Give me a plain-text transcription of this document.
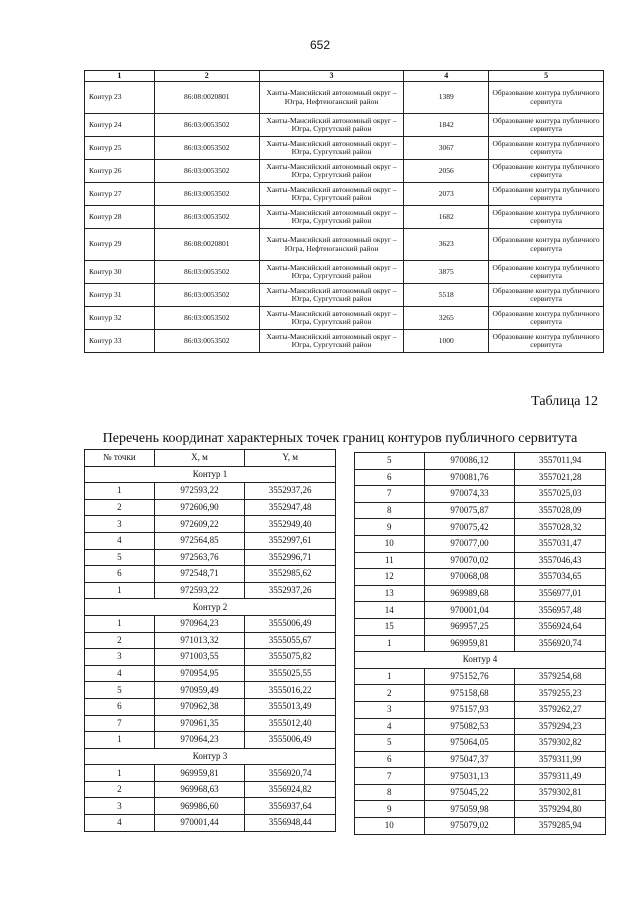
652
1	2	3	4	5
Контур 23	86:08:0020801	Ханты-Мансийский автономный округ – Югра, Нефтеюганский район	1389	Образование контура публичного сервитута
Контур 24	86:03:0053502	Ханты-Мансийский автономный округ – Югра, Сургутский район	1842	Образование контура публичного сервитута
Контур 25	86:03:0053502	Ханты-Мансийский автономный округ – Югра, Сургутский район	3067	Образование контура публичного сервитута
Контур 26	86:03:0053502	Ханты-Мансийский автономный округ – Югра, Сургутский район	2056	Образование контура публичного сервитута
Контур 27	86:03:0053502	Ханты-Мансийский автономный округ – Югра, Сургутский район	2073	Образование контура публичного сервитута
Контур 28	86:03:0053502	Ханты-Мансийский автономный округ – Югра, Сургутский район	1682	Образование контура публичного сервитута
Контур 29	86:08:0020801	Ханты-Мансийский автономный округ – Югра, Нефтеюганский район	3623	Образование контура публичного сервитута
Контур 30	86:03:0053502	Ханты-Мансийский автономный округ – Югра, Сургутский район	3875	Образование контура публичного сервитута
Контур 31	86:03:0053502	Ханты-Мансийский автономный округ – Югра, Сургутский район	5518	Образование контура публичного сервитута
Контур 32	86:03:0053502	Ханты-Мансийский автономный округ – Югра, Сургутский район	3265	Образование контура публичного сервитута
Контур 33	86:03:0053502	Ханты-Мансийский автономный округ – Югра, Сургутский район	1000	Образование контура публичного сервитута
Таблица 12
Перечень координат характерных точек границ контуров публичного сервитута
№ точки	X, м	Y, м
Контур 1		
1	972593,22	3552937,26
2	972606,90	3552947,48
3	972609,22	3552949,40
4	972564,85	3552997,61
5	972563,76	3552996,71
6	972548,71	3552985,62
1	972593,22	3552937,26
Контур 2		
1	970964,23	3555006,49
2	971013,32	3555055,67
3	971003,55	3555075,82
4	970954,95	3555025,55
5	970959,49	3555016,22
6	970962,38	3555013,49
7	970961,35	3555012,40
1	970964,23	3555006,49
Контур 3		
1	969959,81	3556920,74
2	969968,63	3556924,82
3	969986,60	3556937,64
4	970001,44	3556948,44
5	970086,12	3557011,94
6	970081,76	3557021,28
7	970074,33	3557025,03
8	970075,87	3557028,09
9	970075,42	3557028,32
10	970077,00	3557031,47
11	970070,02	3557046,43
12	970068,08	3557034,65
13	969989,68	3556977,01
14	970001,04	3556957,48
15	969957,25	3556924,64
1	969959,81	3556920,74
Контур 4		
1	975152,76	3579254,68
2	975158,68	3579255,23
3	975157,93	3579262,27
4	975082,53	3579294,23
5	975064,05	3579302,82
6	975047,37	3579311,99
7	975031,13	3579311,49
8	975045,22	3579302,81
9	975059,98	3579294,80
10	975079,02	3579285,94
